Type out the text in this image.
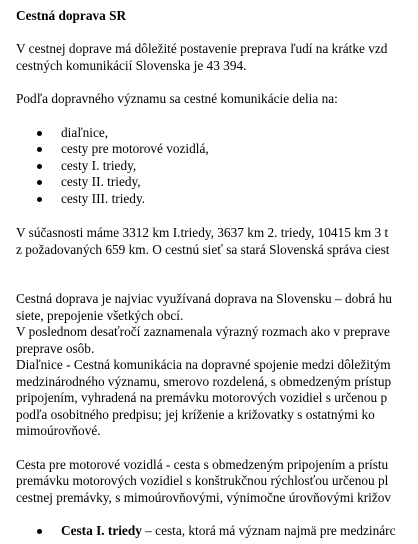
Cestná doprava SR
V cestnej doprave má dôležité postavenie preprava ľudí na krátke vzd
cestných komunikácií Slovenska je 43 394.
Podľa dopravného významu sa cestné komunikácie delia na:
diaľnice,
cesty pre motorové vozidlá,
cesty I. triedy,
cesty II. triedy,
cesty III. triedy.
V súčasnosti máme 3312 km I.triedy, 3637 km 2. triedy, 10415 km 3 t
z požadovaných 659 km. O cestnú sieť sa stará Slovenská správa ciest
Cestná doprava je najviac využívaná doprava na Slovensku – dobrá hu
siete, prepojenie všetkých obcí.
V poslednom desaťročí zaznamenala výrazný rozmach ako v preprave
preprave osôb.
Diaľnice - Cestná komunikácia na dopravné spojenie medzi dôležitým
medzinárodného významu, smerovo rozdelená, s obmedzeným prístup
pripojením, vyhradená na premávku motorových vozidiel s určenou p
podľa osobitného predpisu; jej kríženie a križovatky s ostatnými ko
mimoúrovňové.
Cesta pre motorové vozidlá - cesta s obmedzeným pripojením a prístu
premávku motorových vozidiel s konštrukčnou rýchlosťou určenou pl
cestnej premávky, s mimoúrovňovými, výnimočne úrovňovými križov
Cesta I. triedy – cesta, ktorá má význam najmä pre medzinárc
